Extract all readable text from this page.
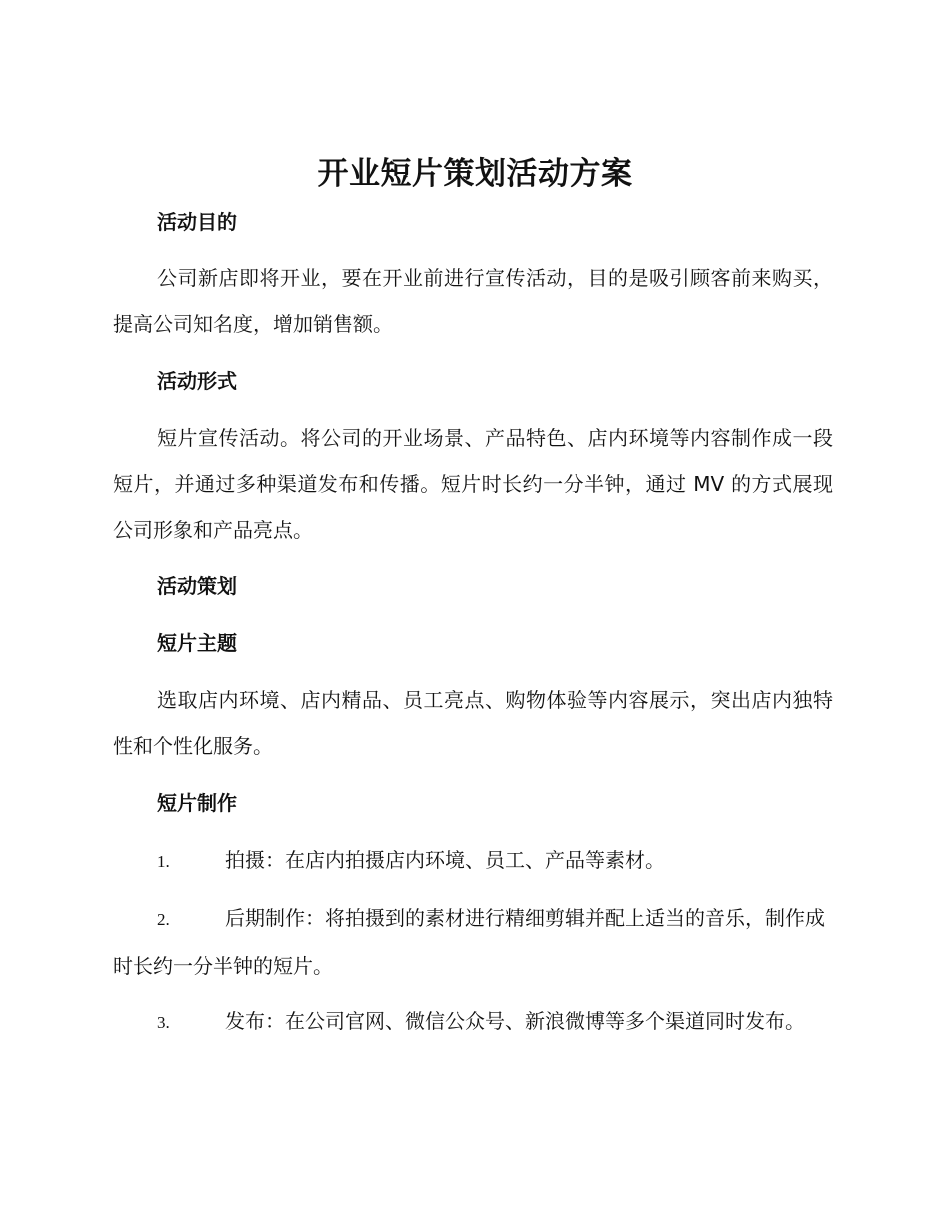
开业短片策划活动方案
活动目的
公司新店即将开业，要在开业前进行宣传活动，目的是吸引顾客前来购买，提高公司知名度，增加销售额。
活动形式
短片宣传活动。将公司的开业场景、产品特色、店内环境等内容制作成一段短片，并通过多种渠道发布和传播。短片时长约一分半钟，通过 MV 的方式展现公司形象和产品亮点。
活动策划
短片主题
选取店内环境、店内精品、员工亮点、购物体验等内容展示，突出店内独特性和个性化服务。
短片制作
1.	拍摄：在店内拍摄店内环境、员工、产品等素材。
2.	后期制作：将拍摄到的素材进行精细剪辑并配上适当的音乐，制作成时长约一分半钟的短片。
3.	发布：在公司官网、微信公众号、新浪微博等多个渠道同时发布。
